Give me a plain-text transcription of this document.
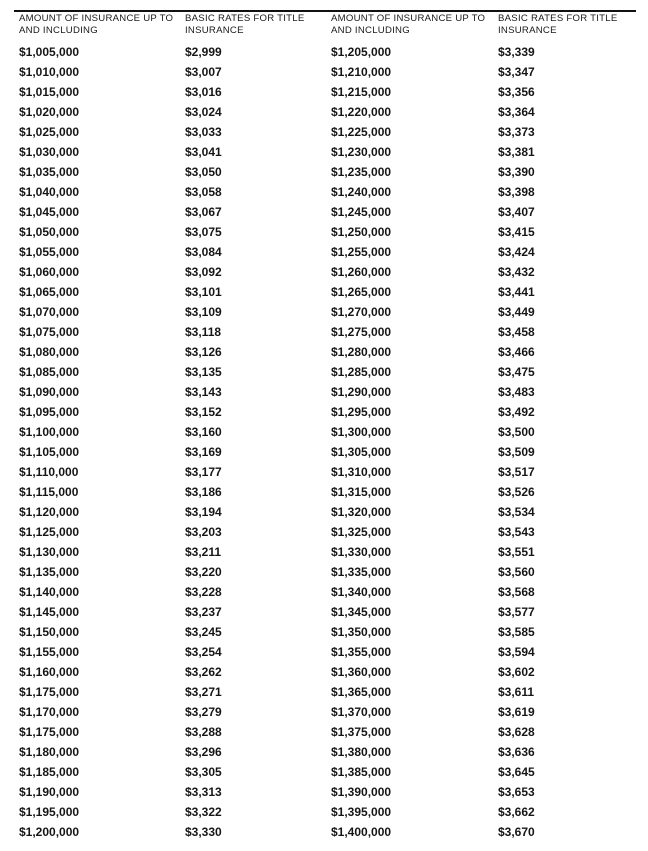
AMOUNT OF INSURANCE UP TO AND INCLUDING
BASIC RATES FOR TITLE INSURANCE
AMOUNT OF INSURANCE UP TO AND INCLUDING
BASIC RATES FOR TITLE INSURANCE
$1,005,000	$2,999	$1,205,000	$3,339
$1,010,000	$3,007	$1,210,000	$3,347
$1,015,000	$3,016	$1,215,000	$3,356
$1,020,000	$3,024	$1,220,000	$3,364
$1,025,000	$3,033	$1,225,000	$3,373
$1,030,000	$3,041	$1,230,000	$3,381
$1,035,000	$3,050	$1,235,000	$3,390
$1,040,000	$3,058	$1,240,000	$3,398
$1,045,000	$3,067	$1,245,000	$3,407
$1,050,000	$3,075	$1,250,000	$3,415
$1,055,000	$3,084	$1,255,000	$3,424
$1,060,000	$3,092	$1,260,000	$3,432
$1,065,000	$3,101	$1,265,000	$3,441
$1,070,000	$3,109	$1,270,000	$3,449
$1,075,000	$3,118	$1,275,000	$3,458
$1,080,000	$3,126	$1,280,000	$3,466
$1,085,000	$3,135	$1,285,000	$3,475
$1,090,000	$3,143	$1,290,000	$3,483
$1,095,000	$3,152	$1,295,000	$3,492
$1,100,000	$3,160	$1,300,000	$3,500
$1,105,000	$3,169	$1,305,000	$3,509
$1,110,000	$3,177	$1,310,000	$3,517
$1,115,000	$3,186	$1,315,000	$3,526
$1,120,000	$3,194	$1,320,000	$3,534
$1,125,000	$3,203	$1,325,000	$3,543
$1,130,000	$3,211	$1,330,000	$3,551
$1,135,000	$3,220	$1,335,000	$3,560
$1,140,000	$3,228	$1,340,000	$3,568
$1,145,000	$3,237	$1,345,000	$3,577
$1,150,000	$3,245	$1,350,000	$3,585
$1,155,000	$3,254	$1,355,000	$3,594
$1,160,000	$3,262	$1,360,000	$3,602
$1,175,000	$3,271	$1,365,000	$3,611
$1,170,000	$3,279	$1,370,000	$3,619
$1,175,000	$3,288	$1,375,000	$3,628
$1,180,000	$3,296	$1,380,000	$3,636
$1,185,000	$3,305	$1,385,000	$3,645
$1,190,000	$3,313	$1,390,000	$3,653
$1,195,000	$3,322	$1,395,000	$3,662
$1,200,000	$3,330	$1,400,000	$3,670
